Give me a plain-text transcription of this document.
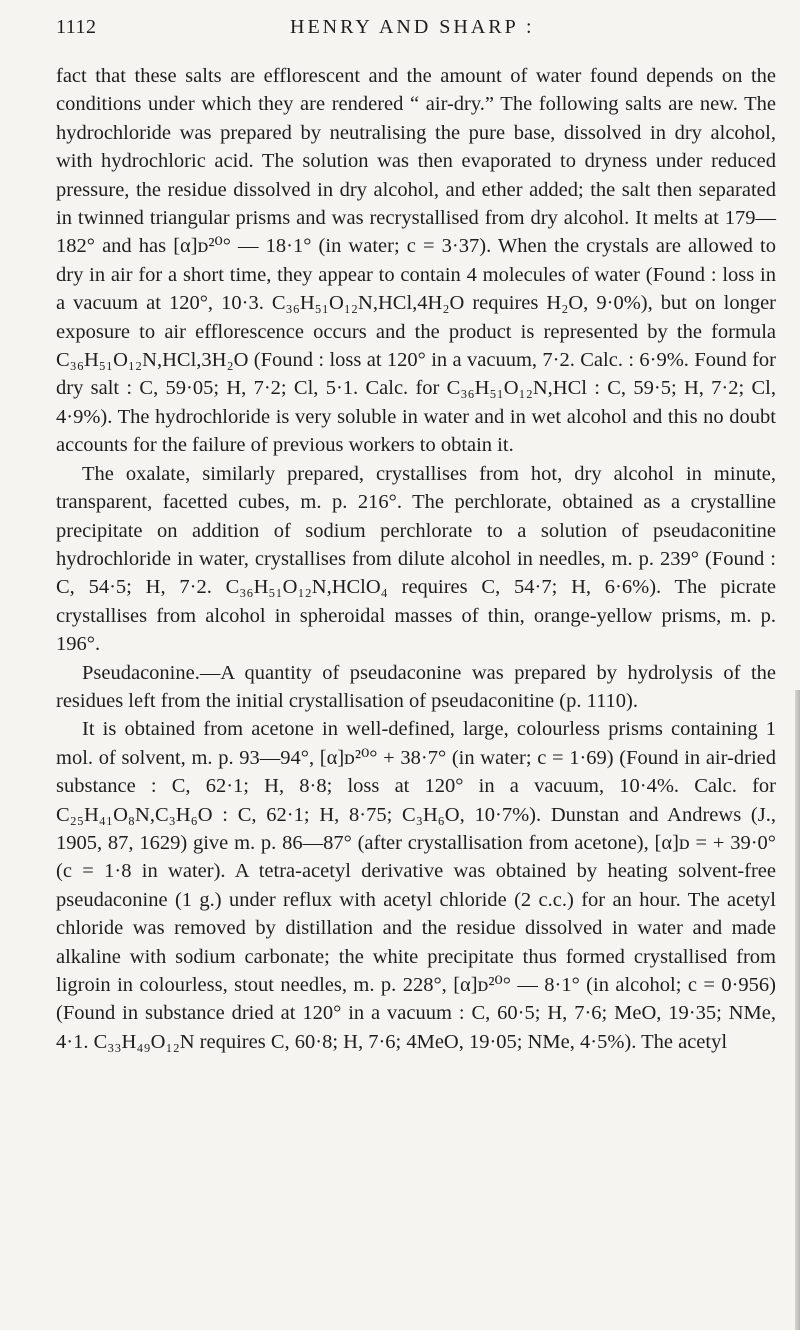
1112	HENRY AND SHARP :

fact that these salts are efflorescent and the amount of water found depends on the conditions under which they are rendered “ air-dry.” The following salts are new. The hydrochloride was prepared by neutralising the pure base, dissolved in dry alcohol, with hydrochloric acid. The solution was then evaporated to dryness under reduced pressure, the residue dissolved in dry alcohol, and ether added; the salt then separated in twinned triangular prisms and was recrystallised from dry alcohol. It melts at 179—182° and has [α]ᴅ²⁰° — 18·1° (in water; c = 3·37). When the crystals are allowed to dry in air for a short time, they appear to contain 4 molecules of water (Found : loss in a vacuum at 120°, 10·3. C₃₆H₅₁O₁₂N,HCl,4H₂O requires H₂O, 9·0%), but on longer exposure to air efflorescence occurs and the product is represented by the formula C₃₆H₅₁O₁₂N,HCl,3H₂O (Found : loss at 120° in a vacuum, 7·2. Calc. : 6·9%. Found for dry salt : C, 59·05; H, 7·2; Cl, 5·1. Calc. for C₃₆H₅₁O₁₂N,HCl : C, 59·5; H, 7·2; Cl, 4·9%). The hydrochloride is very soluble in water and in wet alcohol and this no doubt accounts for the failure of previous workers to obtain it.

The oxalate, similarly prepared, crystallises from hot, dry alcohol in minute, transparent, facetted cubes, m. p. 216°. The perchlorate, obtained as a crystalline precipitate on addition of sodium perchlorate to a solution of pseudaconitine hydrochloride in water, crystallises from dilute alcohol in needles, m. p. 239° (Found : C, 54·5; H, 7·2. C₃₆H₅₁O₁₂N,HClO₄ requires C, 54·7; H, 6·6%). The picrate crystallises from alcohol in spheroidal masses of thin, orange-yellow prisms, m. p. 196°.

Pseudaconine.—A quantity of pseudaconine was prepared by hydrolysis of the residues left from the initial crystallisation of pseudaconitine (p. 1110).

It is obtained from acetone in well-defined, large, colourless prisms containing 1 mol. of solvent, m. p. 93—94°, [α]ᴅ²⁰° + 38·7° (in water; c = 1·69) (Found in air-dried substance : C, 62·1; H, 8·8; loss at 120° in a vacuum, 10·4%. Calc. for C₂₅H₄₁O₈N,C₃H₆O : C, 62·1; H, 8·75; C₃H₆O, 10·7%). Dunstan and Andrews (J., 1905, 87, 1629) give m. p. 86—87° (after crystallisation from acetone), [α]ᴅ = + 39·0° (c = 1·8 in water). A tetra-acetyl derivative was obtained by heating solvent-free pseudaconine (1 g.) under reflux with acetyl chloride (2 c.c.) for an hour. The acetyl chloride was removed by distillation and the residue dissolved in water and made alkaline with sodium carbonate; the white precipitate thus formed crystallised from ligroin in colourless, stout needles, m. p. 228°, [α]ᴅ²⁰° — 8·1° (in alcohol; c = 0·956) (Found in substance dried at 120° in a vacuum : C, 60·5; H, 7·6; MeO, 19·35; NMe, 4·1. C₃₃H₄₉O₁₂N requires C, 60·8; H, 7·6; 4MeO, 19·05; NMe, 4·5%). The acetyl
